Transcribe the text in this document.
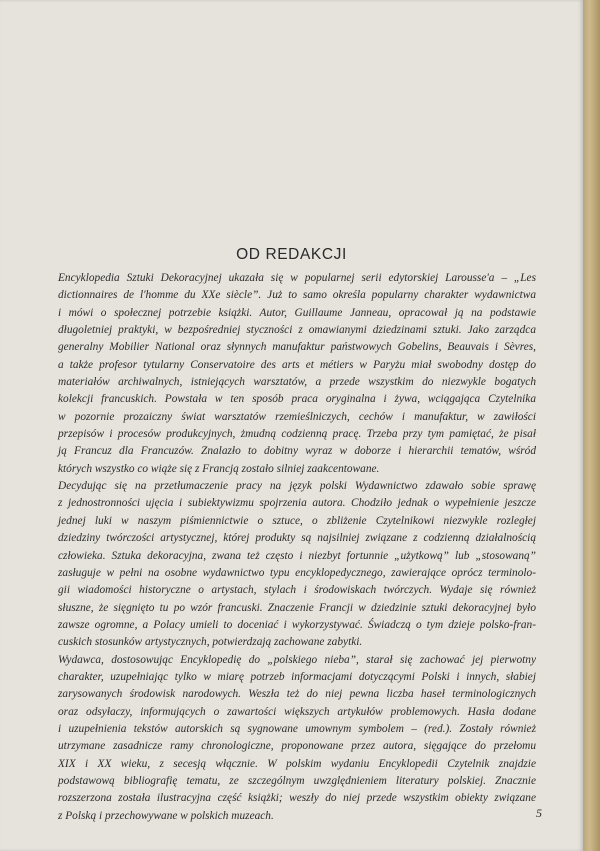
OD REDAKCJI
Encyklopedia Sztuki Dekoracyjnej ukazała się w popularnej serii edytorskiej Larousse'a – „Les
dictionnaires de l'homme du XXe siècle”. Już to samo określa popularny charakter wydawnictwa
i mówi o społecznej potrzebie książki. Autor, Guillaume Janneau, opracował ją na podstawie
długoletniej praktyki, w bezpośredniej styczności z omawianymi dziedzinami sztuki. Jako zarządca
generalny Mobilier National oraz słynnych manufaktur państwowych Gobelins, Beauvais i Sèvres,
a także profesor tytularny Conservatoire des arts et métiers w Paryżu miał swobodny dostęp do
materiałów archiwalnych, istniejących warsztatów, a przede wszystkim do niezwykle bogatych
kolekcji francuskich. Powstała w ten sposób praca oryginalna i żywa, wciągająca Czytelnika
w pozornie prozaiczny świat warsztatów rzemieślniczych, cechów i manufaktur, w zawiłości
przepisów i procesów produkcyjnych, żmudną codzienną pracę. Trzeba przy tym pamiętać, że pisał
ją Francuz dla Francuzów. Znalazło to dobitny wyraz w doborze i hierarchii tematów, wśród
których wszystko co wiąże się z Francją zostało silniej zaakcentowane.
Decydując się na przetłumaczenie pracy na język polski Wydawnictwo zdawało sobie sprawę
z jednostronności ujęcia i subiektywizmu spojrzenia autora. Chodziło jednak o wypełnienie jeszcze
jednej luki w naszym piśmiennictwie o sztuce, o zbliżenie Czytelnikowi niezwykle rozległej
dziedziny twórczości artystycznej, której produkty są najsilniej związane z codzienną działalnością
człowieka. Sztuka dekoracyjna, zwana też często i niezbyt fortunnie „użytkową” lub „stosowaną”
zasługuje w pełni na osobne wydawnictwo typu encyklopedycznego, zawierające oprócz terminolo-
gii wiadomości historyczne o artystach, stylach i środowiskach twórczych. Wydaje się również
słuszne, że sięgnięto tu po wzór francuski. Znaczenie Francji w dziedzinie sztuki dekoracyjnej było
zawsze ogromne, a Polacy umieli to doceniać i wykorzystywać. Świadczą o tym dzieje polsko-fran-
cuskich stosunków artystycznych, potwierdzają zachowane zabytki.
Wydawca, dostosowując Encyklopedię do „polskiego nieba”, starał się zachować jej pierwotny
charakter, uzupełniając tylko w miarę potrzeb informacjami dotyczącymi Polski i innych, słabiej
zarysowanych środowisk narodowych. Weszła też do niej pewna liczba haseł terminologicznych
oraz odsyłaczy, informujących o zawartości większych artykułów problemowych. Hasła dodane
i uzupełnienia tekstów autorskich są sygnowane umownym symbolem – (red.). Zostały również
utrzymane zasadnicze ramy chronologiczne, proponowane przez autora, sięgające do przełomu
XIX i XX wieku, z secesją włącznie. W polskim wydaniu Encyklopedii Czytelnik znajdzie
podstawową bibliografię tematu, ze szczególnym uwzględnieniem literatury polskiej. Znacznie
rozszerzona została ilustracyjna część książki; weszły do niej przede wszystkim obiekty związane
z Polską i przechowywane w polskich muzeach.	5
